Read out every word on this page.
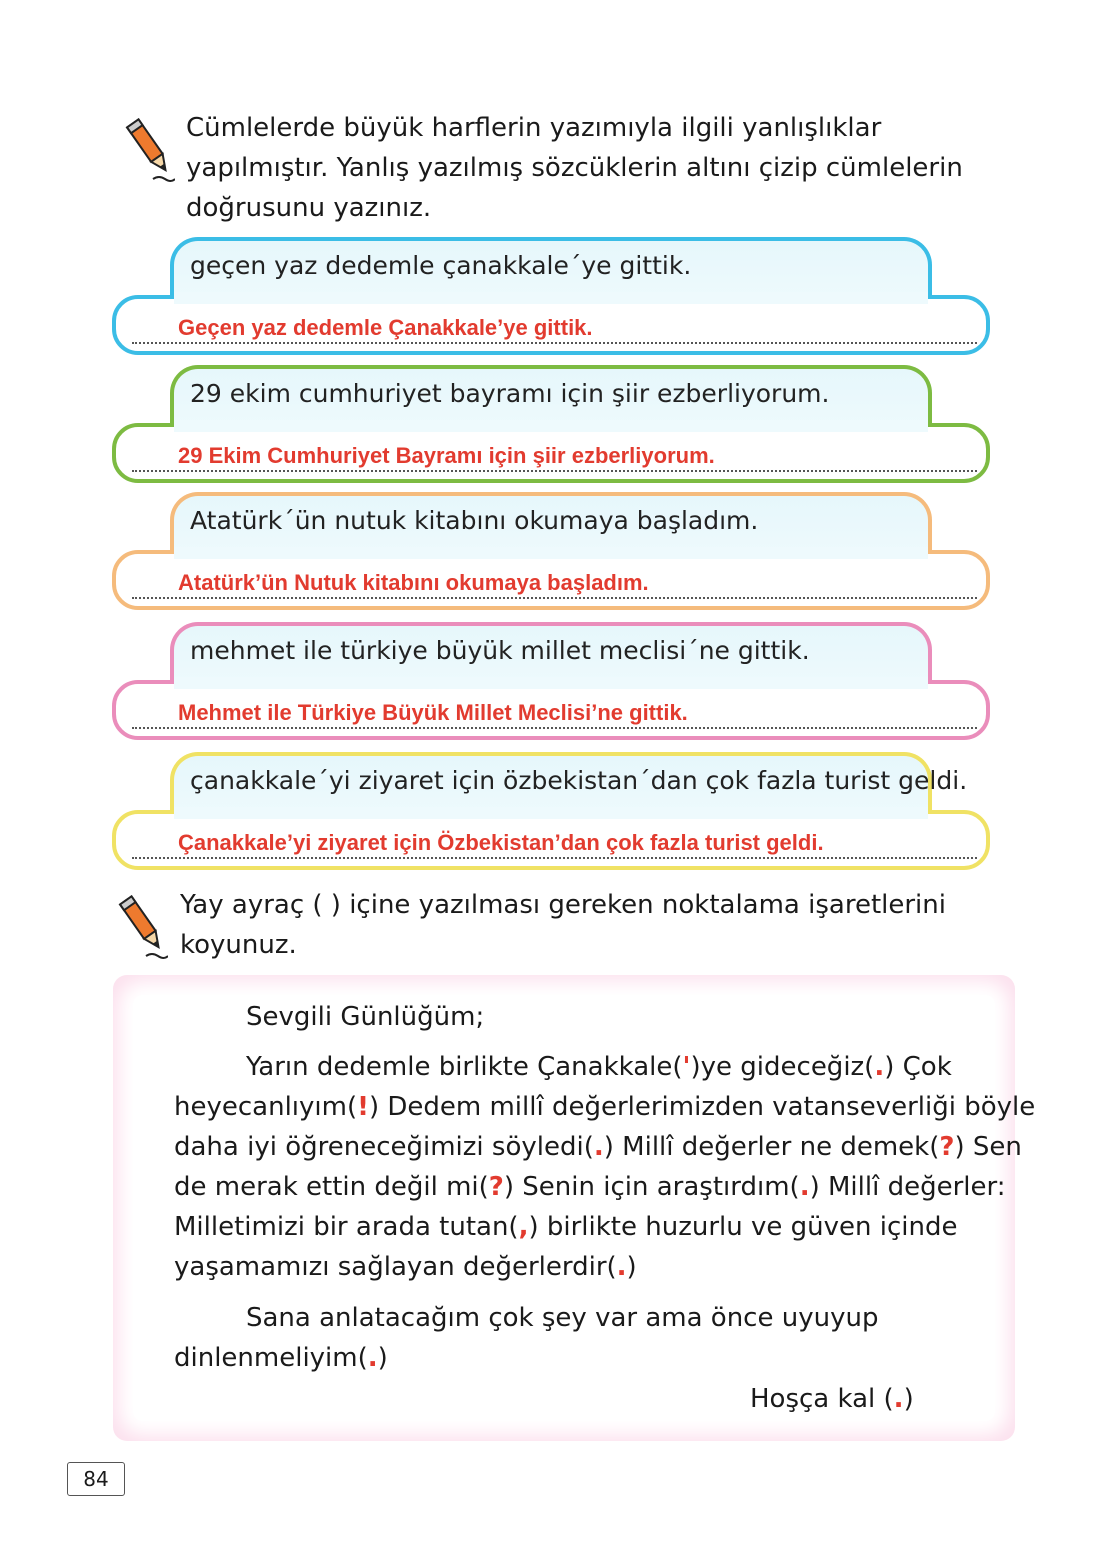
Cümlelerde büyük harflerin yazımıyla ilgili yanlışlıklar
yapılmıştır. Yanlış yazılmış sözcüklerin altını çizip cümlelerin
doğrusunu yazınız.
geçen yaz dedemle çanakkale´ye gittik.
Geçen yaz dedemle Çanakkale’ye gittik.
29 ekim cumhuriyet bayramı için şiir ezberliyorum.
29 Ekim Cumhuriyet Bayramı için şiir ezberliyorum.
Atatürk´ün nutuk kitabını okumaya başladım.
Atatürk’ün Nutuk kitabını okumaya başladım.
mehmet ile türkiye büyük millet meclisi´ne gittik.
Mehmet ile Türkiye Büyük Millet Meclisi’ne gittik.
çanakkale´yi ziyaret için özbekistan´dan çok fazla turist geldi.
Çanakkale’yi ziyaret için Özbekistan’dan çok fazla turist geldi.
Yay ayraç ( ) içine yazılması gereken noktalama işaretlerini
koyunuz.
Sevgili Günlüğüm;
Yarın dedemle birlikte Çanakkale(')ye gideceğiz(.) Çok
heyecanlıyım(!) Dedem millî değerlerimizden vatanseverliği böyle
daha iyi öğreneceğimizi söyledi(.) Millî değerler ne demek(?) Sen
de merak ettin değil mi(?) Senin için araştırdım(.) Millî değerler:
Milletimizi bir arada tutan(,) birlikte huzurlu ve güven içinde
yaşamamızı sağlayan değerlerdir(.)
Sana anlatacağım çok şey var ama önce uyuyup
dinlenmeliyim(.)
Hoşça kal (.)
84
